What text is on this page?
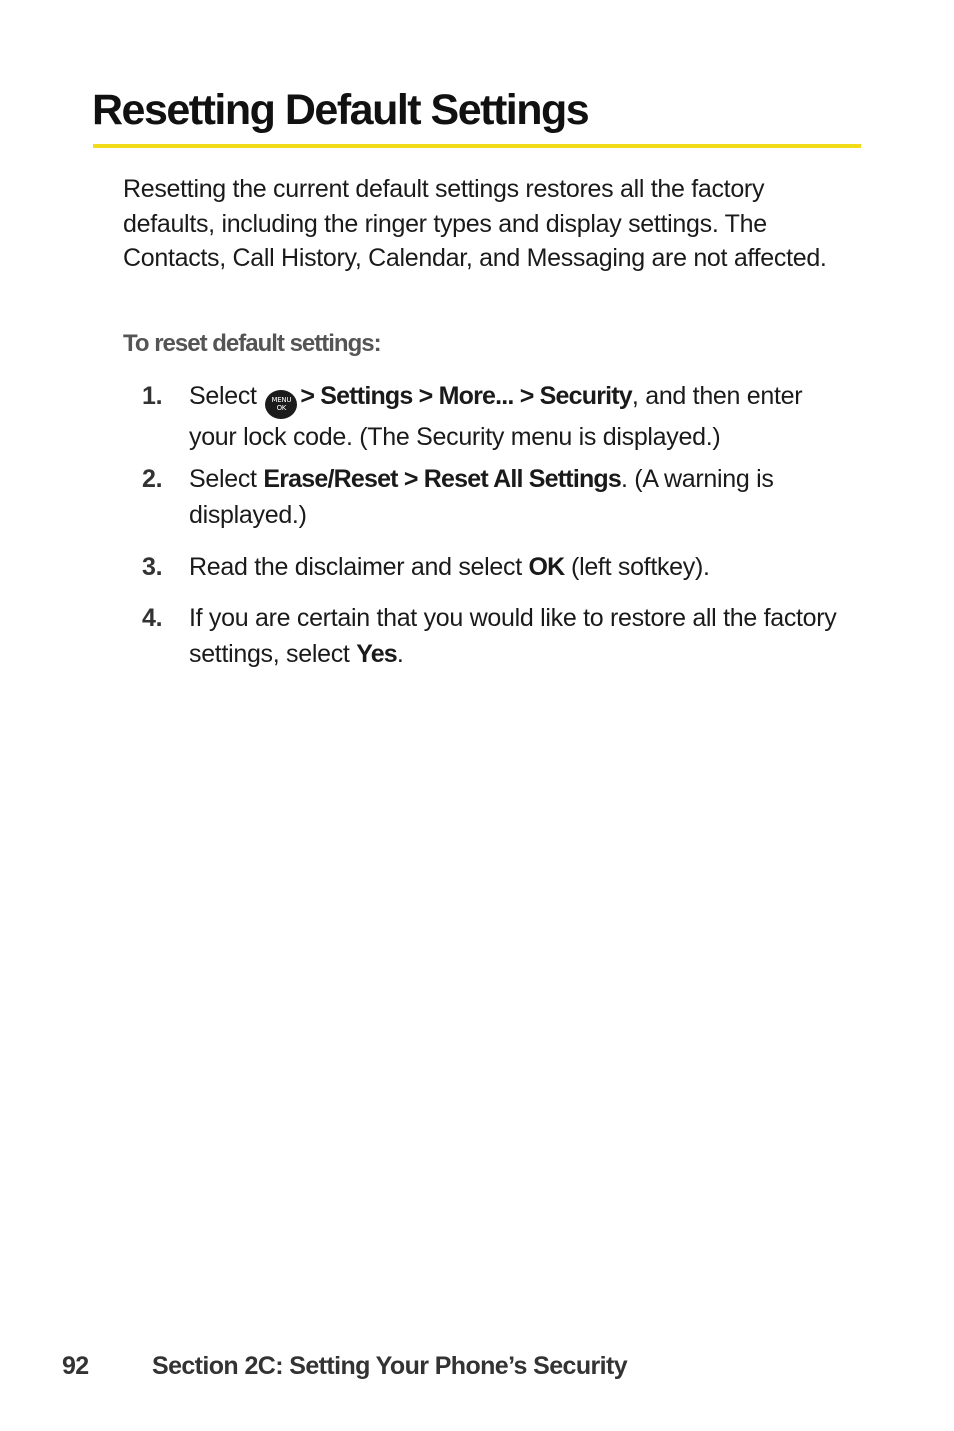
Resetting Default Settings

Resetting the current default settings restores all the factory defaults, including the ringer types and display settings. The Contacts, Call History, Calendar, and Messaging are not affected.

To reset default settings:

1. Select	MENU
OK > Settings > More... > Security, and then enter your lock code. (The Security menu is displayed.)
2. Select Erase/Reset > Reset All Settings. (A warning is displayed.)
3. Read the disclaimer and select OK (left softkey).
4. If you are certain that you would like to restore all the factory settings, select Yes.
92	Section 2C: Setting Your Phone’s Security
